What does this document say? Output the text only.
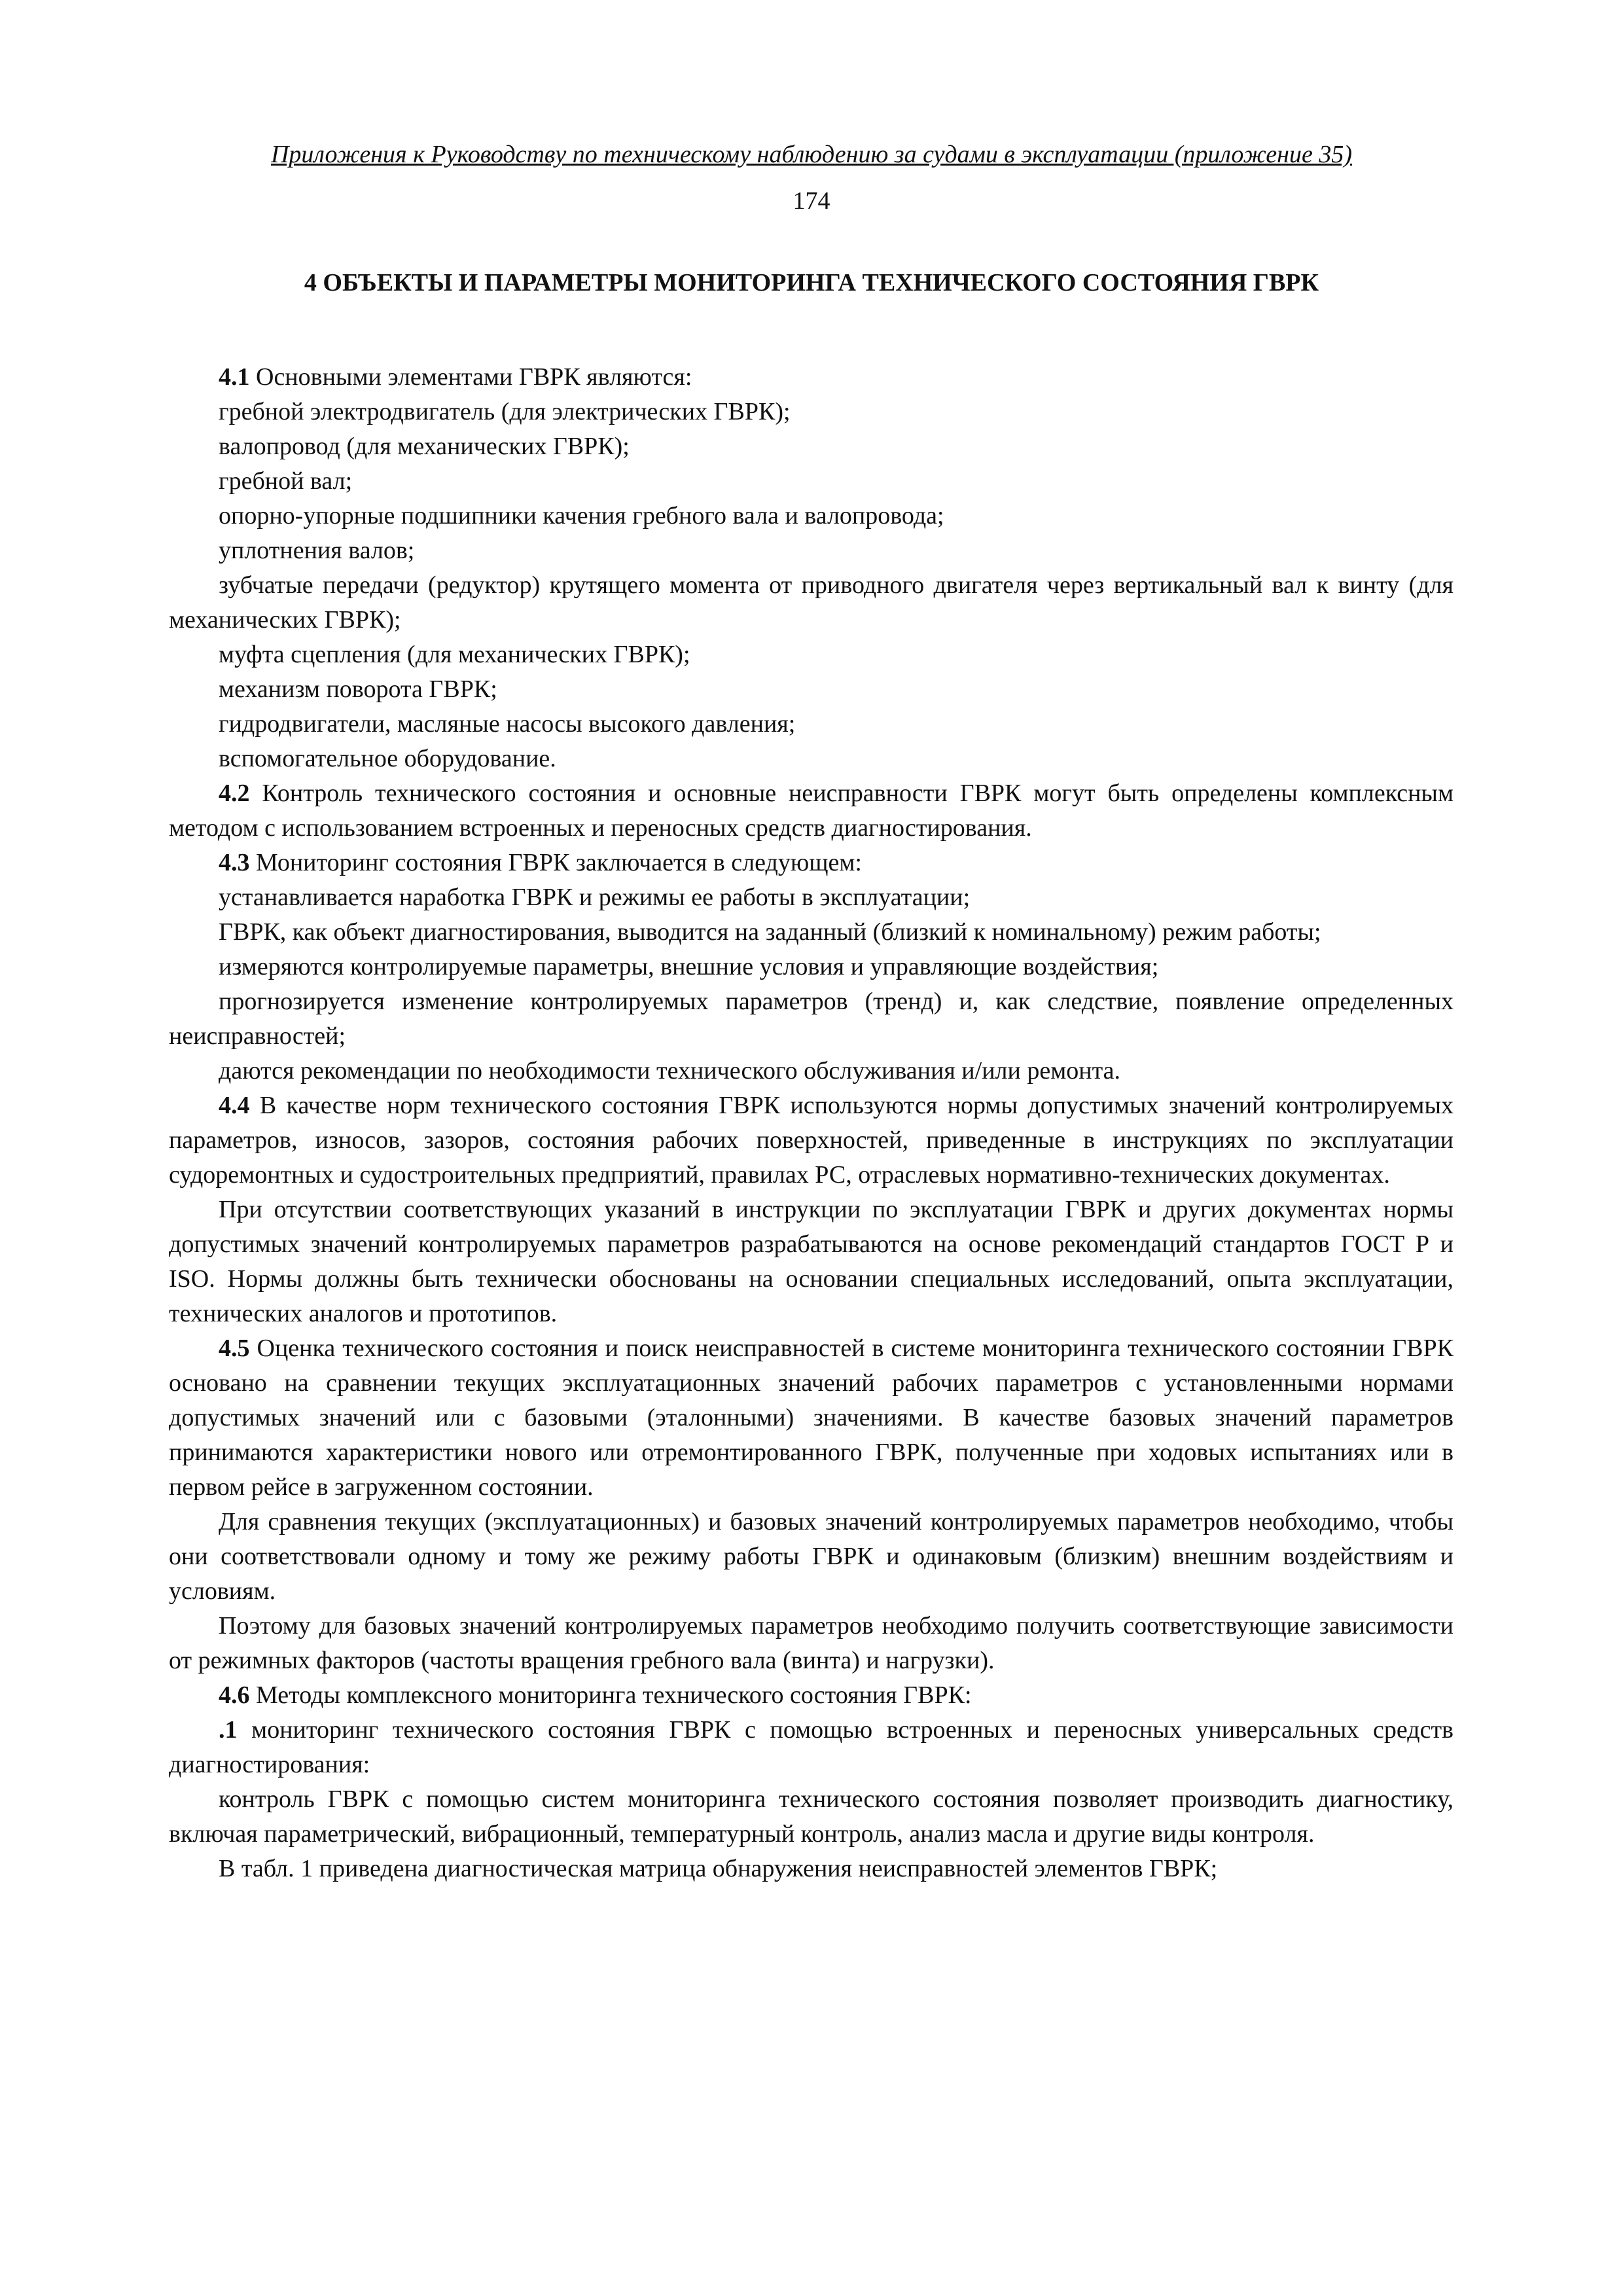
Приложения к Руководству по техническому наблюдению за судами в эксплуатации (приложение 35)
174
4 ОБЪЕКТЫ И ПАРАМЕТРЫ МОНИТОРИНГА ТЕХНИЧЕСКОГО СОСТОЯНИЯ ГВРК

4.1 Основными элементами ГВРК являются:

гребной электродвигатель (для электрических ГВРК);

валопровод (для механических ГВРК);

гребной вал;

опорно-упорные подшипники качения гребного вала и валопровода;

уплотнения валов;

зубчатые передачи (редуктор) крутящего момента от приводного двигателя через вертикальный вал к винту (для механических ГВРК);

муфта сцепления (для механических ГВРК);

механизм поворота ГВРК;

гидродвигатели, масляные насосы высокого давления;

вспомогательное оборудование.

4.2 Контроль технического состояния и основные неисправности ГВРК могут быть определены комплексным методом с использованием встроенных и переносных средств диагностирования.

4.3 Мониторинг состояния ГВРК заключается в следующем:

устанавливается наработка ГВРК и режимы ее работы в эксплуатации;

ГВРК, как объект диагностирования, выводится на заданный (близкий к номинальному) режим работы;

измеряются контролируемые параметры, внешние условия и управляющие воздействия;

прогнозируется изменение контролируемых параметров (тренд) и, как следствие, появление определенных неисправностей;

даются рекомендации по необходимости технического обслуживания и/или ремонта.

4.4 В качестве норм технического состояния ГВРК используются нормы допустимых значений контролируемых параметров, износов, зазоров, состояния рабочих поверхностей, приведенные в инструкциях по эксплуатации судоремонтных и судостроительных предприятий, правилах РС, отраслевых нормативно-технических документах.

При отсутствии соответствующих указаний в инструкции по эксплуатации ГВРК и других документах нормы допустимых значений контролируемых параметров разрабатываются на основе рекомендаций стандартов ГОСТ Р и ISO. Нормы должны быть технически обоснованы на основании специальных исследований, опыта эксплуатации, технических аналогов и прототипов.

4.5 Оценка технического состояния и поиск неисправностей в системе мониторинга технического состоянии ГВРК основано на сравнении текущих эксплуатационных значений рабочих параметров с установленными нормами допустимых значений или с базовыми (эталонными) значениями. В качестве базовых значений параметров принимаются характеристики нового или отремонтированного ГВРК, полученные при ходовых испытаниях или в первом рейсе в загруженном состоянии.

Для сравнения текущих (эксплуатационных) и базовых значений контролируемых параметров необходимо, чтобы они соответствовали одному и тому же режиму работы ГВРК и одинаковым (близким) внешним воздействиям и условиям.

Поэтому для базовых значений контролируемых параметров необходимо получить соответствующие зависимости от режимных факторов (частоты вращения гребного вала (винта) и нагрузки).

4.6 Методы комплексного мониторинга технического состояния ГВРК:

.1 мониторинг технического состояния ГВРК с помощью встроенных и переносных универсальных средств диагностирования:

контроль ГВРК с помощью систем мониторинга технического состояния позволяет производить диагностику, включая параметрический, вибрационный, температурный контроль, анализ масла и другие виды контроля.

В табл. 1 приведена диагностическая матрица обнаружения неисправностей элементов ГВРК;
